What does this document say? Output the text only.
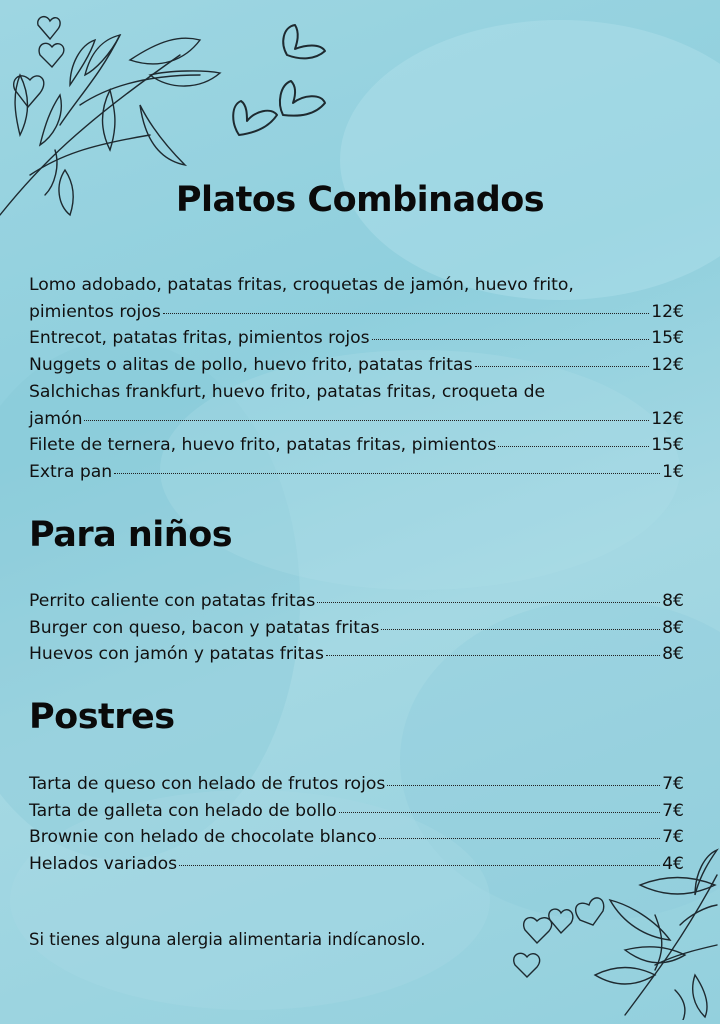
Platos Combinados
Lomo adobado, patatas fritas, croquetas de jamón, huevo frito,
pimientos rojos	12€
Entrecot, patatas fritas, pimientos rojos	15€
Nuggets o alitas de pollo, huevo frito, patatas fritas	12€
Salchichas frankfurt, huevo frito, patatas fritas, croqueta de
jamón	12€
Filete de ternera, huevo frito, patatas fritas, pimientos	15€
Extra pan	1€
Para niños
Perrito caliente con patatas fritas	8€
Burger con queso, bacon y patatas fritas	8€
Huevos con jamón y patatas fritas	8€
Postres
Tarta de queso con helado de frutos rojos	7€
Tarta de galleta con helado de bollo	7€
Brownie con helado de chocolate blanco	7€
Helados variados	4€
Si tienes alguna alergia alimentaria indícanoslo.
